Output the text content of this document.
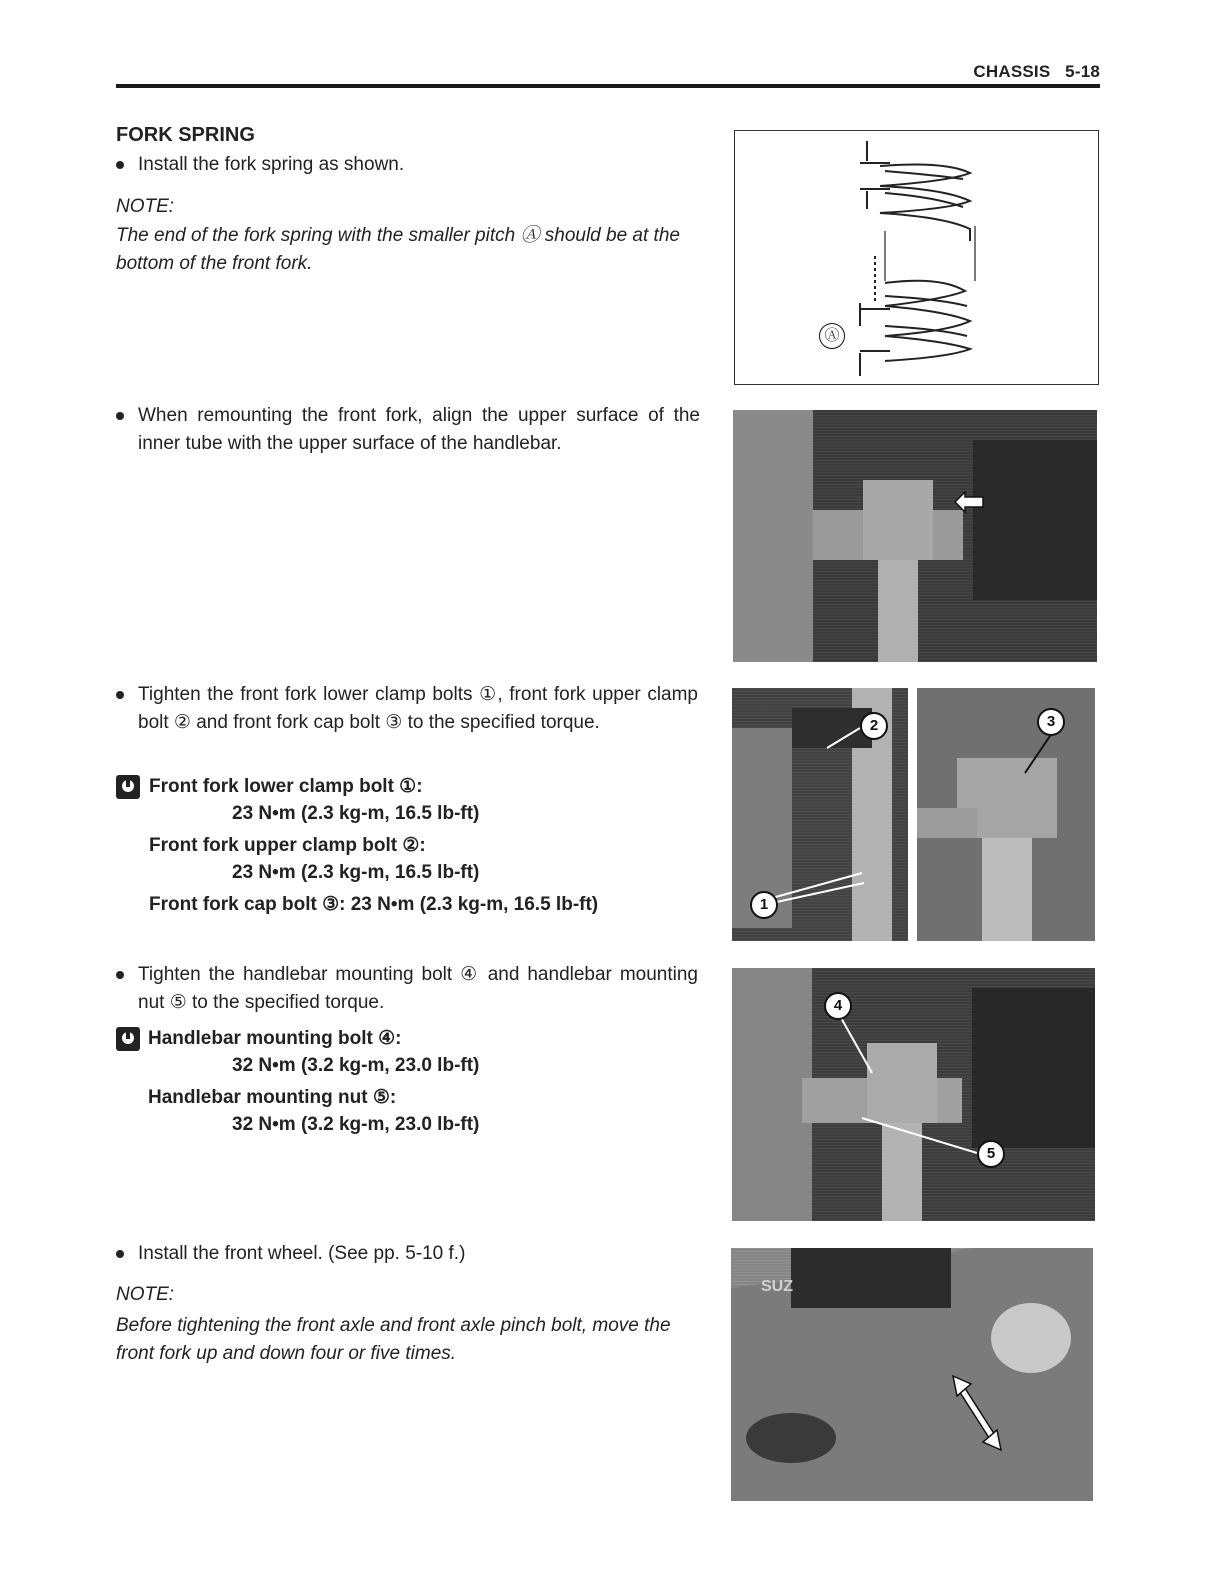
CHASSIS 5-18
FORK SPRING
Install the fork spring as shown.
NOTE:
The end of the fork spring with the smaller pitch Ⓐ should be at the bottom of the front fork.
Ⓐ
When remounting the front fork, align the upper surface of the inner tube with the upper surface of the handlebar.
Tighten the front fork lower clamp bolts ①, front fork upper clamp bolt ② and front fork cap bolt ③ to the specified torque.
Front fork lower clamp bolt ①:
23 N•m (2.3 kg-m, 16.5 lb-ft)
Front fork upper clamp bolt ②:
23 N•m (2.3 kg-m, 16.5 lb-ft)
Front fork cap bolt ③: 23 N•m (2.3 kg-m, 16.5 lb-ft)
2
1
3
Tighten the handlebar mounting bolt ④ and handlebar mounting nut ⑤ to the specified torque.
Handlebar mounting bolt ④:
32 N•m (3.2 kg-m, 23.0 lb-ft)
Handlebar mounting nut ⑤:
32 N•m (3.2 kg-m, 23.0 lb-ft)
4
5
Install the front wheel. (See pp. 5-10 f.)
NOTE:
Before tightening the front axle and front axle pinch bolt, move the front fork up and down four or five times.
SUZ
